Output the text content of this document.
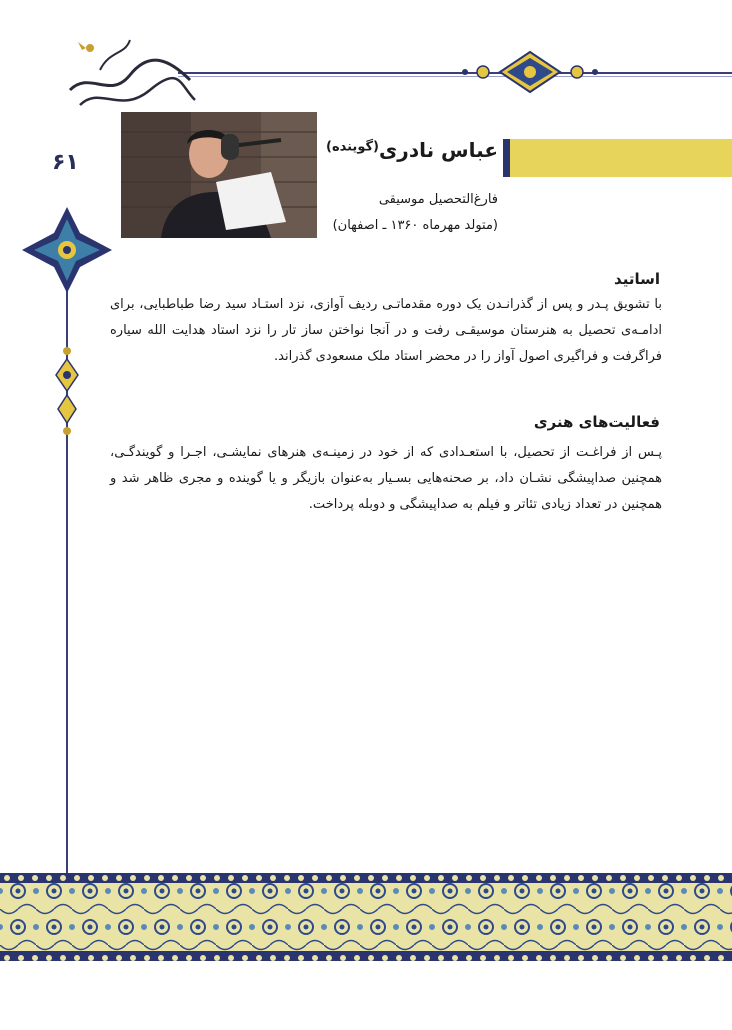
۶۱	عباس نادری$^{(گوینده)}$
فارغ‌التحصیل موسیقی
(متولد مهرماه ۱۳۶۰ ـ اصفهان)
اساتید
با تشویق پـدر و پس از گذرانـدن یک دوره مقدماتـی ردیف آوازی، نزد استـاد سید رضا طباطبایی، برای ادامـه‌ی تحصیل به هنرستان موسیقـی رفت و در آنجا نواختن ساز تار را نزد استاد هدایت الله سیاره فراگرفت و فراگیری اصول آواز را در محضر استاد ملک مسعودی گذراند.
فعالیت‌های هنری
پـس از فراغـت از تحصیل، با استعـدادی که از خود در زمینـه‌ی هنرهای نمایشـی، اجـرا و گویندگـی، همچنین صداپیشگی نشـان داد، بر صحنه‌هایی بسـیار به‌عنوان بازیگر و یا گوینده و مجری ظاهر شد و همچنین در تعداد زیادی تئاتر و فیلم به صداپیشگی و دوبله پرداخت.
